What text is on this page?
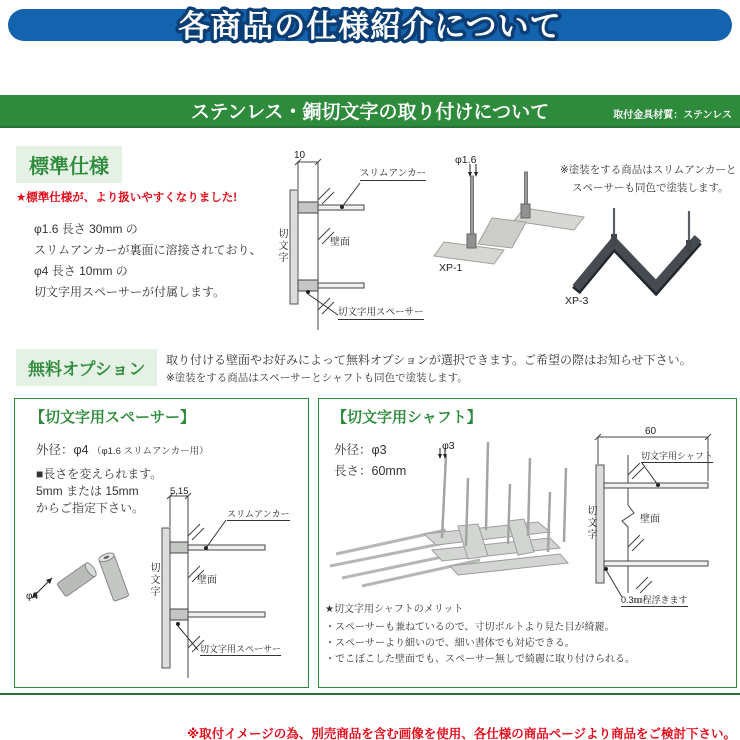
各商品の仕様紹介について
ステンレス・銅切文字の取り付けについて	取付金具材質：ステンレス
標準仕様
★標準仕様が、より扱いやすくなりました!
φ1.6 長さ 30mm の
スリムアンカーが裏面に溶接されており、
φ4 長さ 10mm の
切文字用スペーサーが付属します。
10
スリムアンカー
壁面
切文字
切文字用スペーサー
φ1.6
XP-1
XP-3
※塗装をする商品はスリムアンカーと
スペーサーも同色で塗装します。
無料オプション	取り付ける壁面やお好みによって無料オプションが選択できます。ご希望の際はお知らせ下さい。
※塗装をする商品はスペーサーとシャフトも同色で塗装します。
【切文字用スペーサー】
外径：φ4 （φ1.6 スリムアンカー用）
■長さを変えられます。
5mm または 15mm
からご指定下さい。
φ4
5,15
スリムアンカー
壁面
切文字
切文字用スペーサー
【切文字用シャフト】
外径：φ3
長さ：60mm
φ3
60
切文字用シャフト
壁面
切文字
0.3㎜程浮きます
★切文字用シャフトのメリット
・スペーサーも兼ねているので、寸切ボルトより見た目が綺麗。
・スペーサーより細いので、細い書体でも対応できる。
・でこぼこした壁面でも、スペーサー無しで綺麗に取り付けられる。
※取付イメージの為、別売商品を含む画像を使用、各仕様の商品ページより商品をご検討下さい。
